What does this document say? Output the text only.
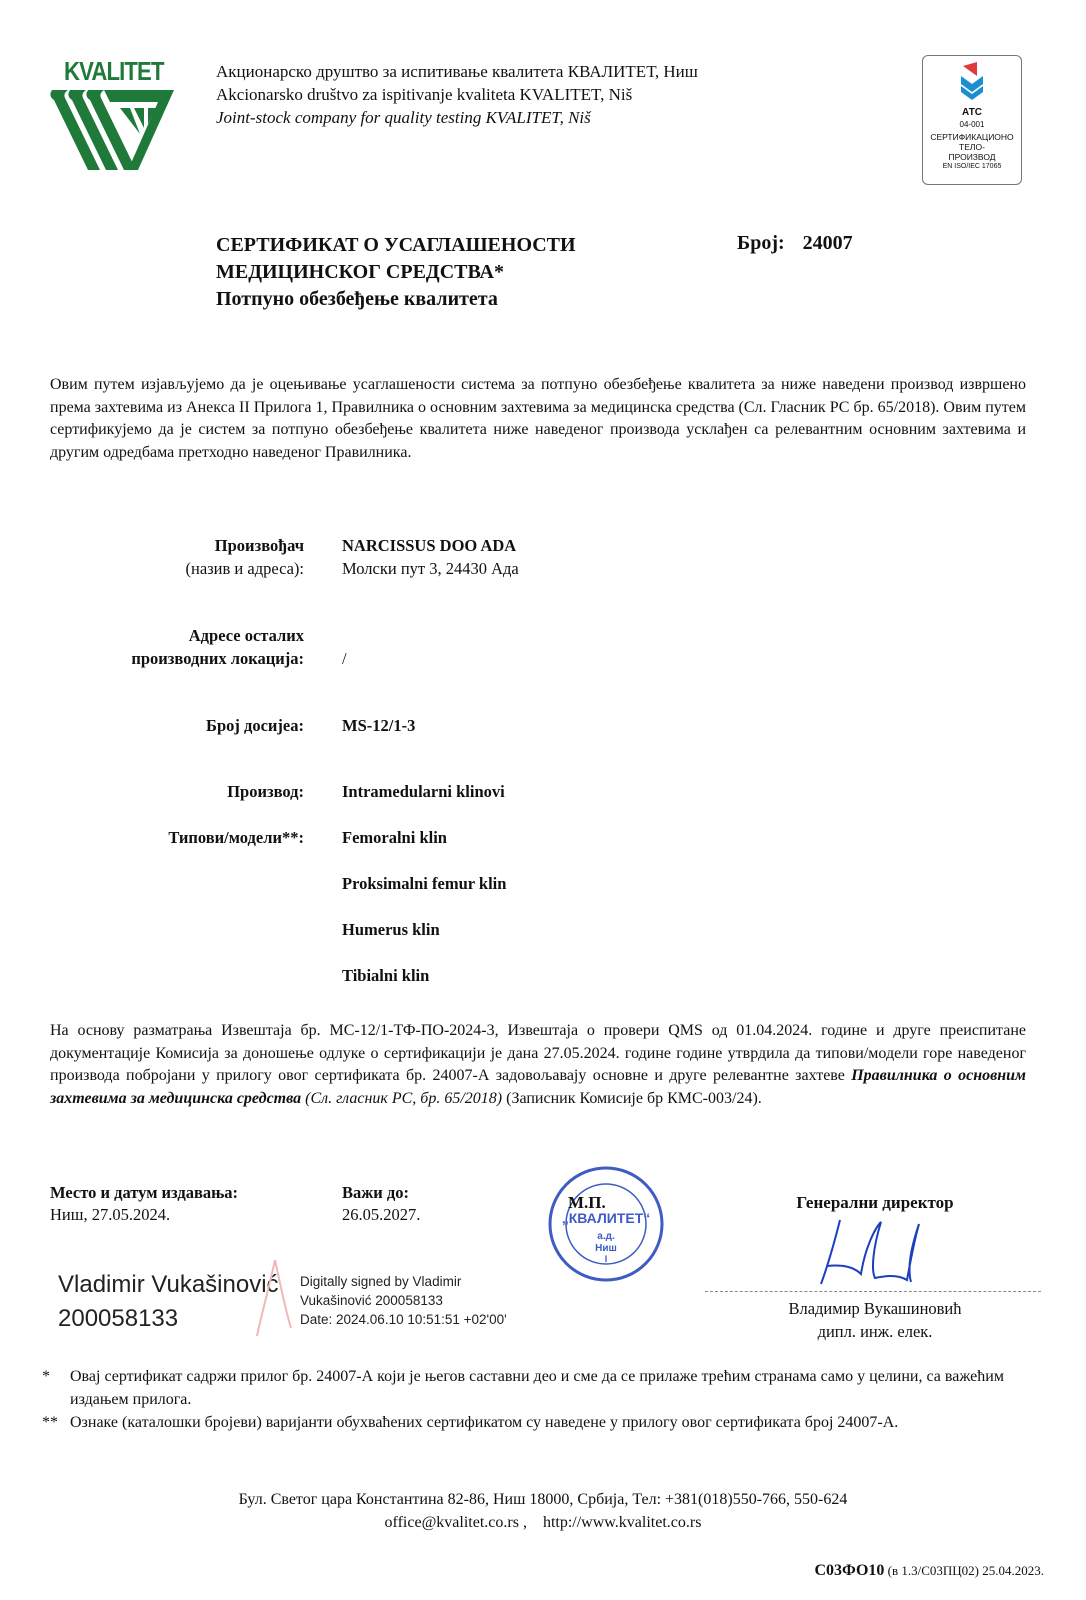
KVALITET	Акционарско друштво за испитивање квалитета КВАЛИТЕТ, Ниш
Akcionarsko društvo za ispitivanje kvaliteta KVALITET, Niš
Joint-stock company for quality testing KVALITET, Niš	АТС
04-001
СЕРТИФИКАЦИОНО
ТЕЛО-
ПРОИЗВОД
EN ISO/IEC 17065
СЕРТИФИКАТ О УСАГЛАШЕНОСТИ
МЕДИЦИНСКОГ СРЕДСТВА*
Потпуно обезбеђење квалитета
Број: 24007
Овим путем изјављујемо да је оцењивање усаглашености система за потпуно обезбеђење квалитета за ниже наведени производ извршено према захтевима из Анекса II Прилога 1, Правилника о основним захтевима за медицинска средства (Сл. Гласник РС бр. 65/2018). Овим путем сертификујемо да је систем за потпуно обезбеђење квалитета ниже наведеног производа усклађен са релевантним основним захтевима и другим одредбама претходно наведеног Правилника.
Произвођач
(назив и адреса):
NARCISSUS DOO ADA
Молски пут 3, 24430 Ада
Адресе осталих
производних локација: /
Број досијеа: MS-12/1-3
Производ: Intramedularni klinovi
Типови/модели**: Femoralni klin
Proksimalni femur klin
Humerus klin
Tibialni klin
На основу разматрања Извештаја бр. МС-12/1-ТФ-ПО-2024-3, Извештаја о провери QMS од 01.04.2024. године и друге преиспитане документације Комисија за доношење одлуке о сертификацији је дана 27.05.2024. године године утврдила да типови/модели горе наведеног производа побројани у прилогу овог сертификата бр. 24007-А задовољавају основне и друге релевантне захтеве Правилника о основним захтевима за медицинска средства (Сл. гласник РС, бр. 65/2018) (Записник Комисије бр КМС-003/24).
Место и датум издавања:
Ниш, 27.05.2024.
Важи до:
26.05.2027.
Vladimir Vukašinović
200058133
Digitally signed by Vladimir
Vukašinović 200058133
Date: 2024.06.10 10:51:51 +02'00'
„КВАЛИТЕТ“
а.д.
Ниш
I
М.П.	Генерални директор
Владимир Вукашиновић
дипл. инж. елек.
* Овај сертификат садржи прилог бр. 24007-А који је његов саставни део и сме да се прилаже трећим странама само у целини, са важећим издањем прилога.
** Ознаке (каталошки бројеви) варијанти обухваћених сертификатом су наведене у прилогу овог сертификата број 24007-А.
Бул. Светог цара Константина 82-86, Ниш 18000, Србија, Тел: +381(018)550-766, 550-624
office@kvalitet.co.rs ,    http://www.kvalitet.co.rs
С03ФО10 (в 1.3/С03ПЦ02) 25.04.2023.
